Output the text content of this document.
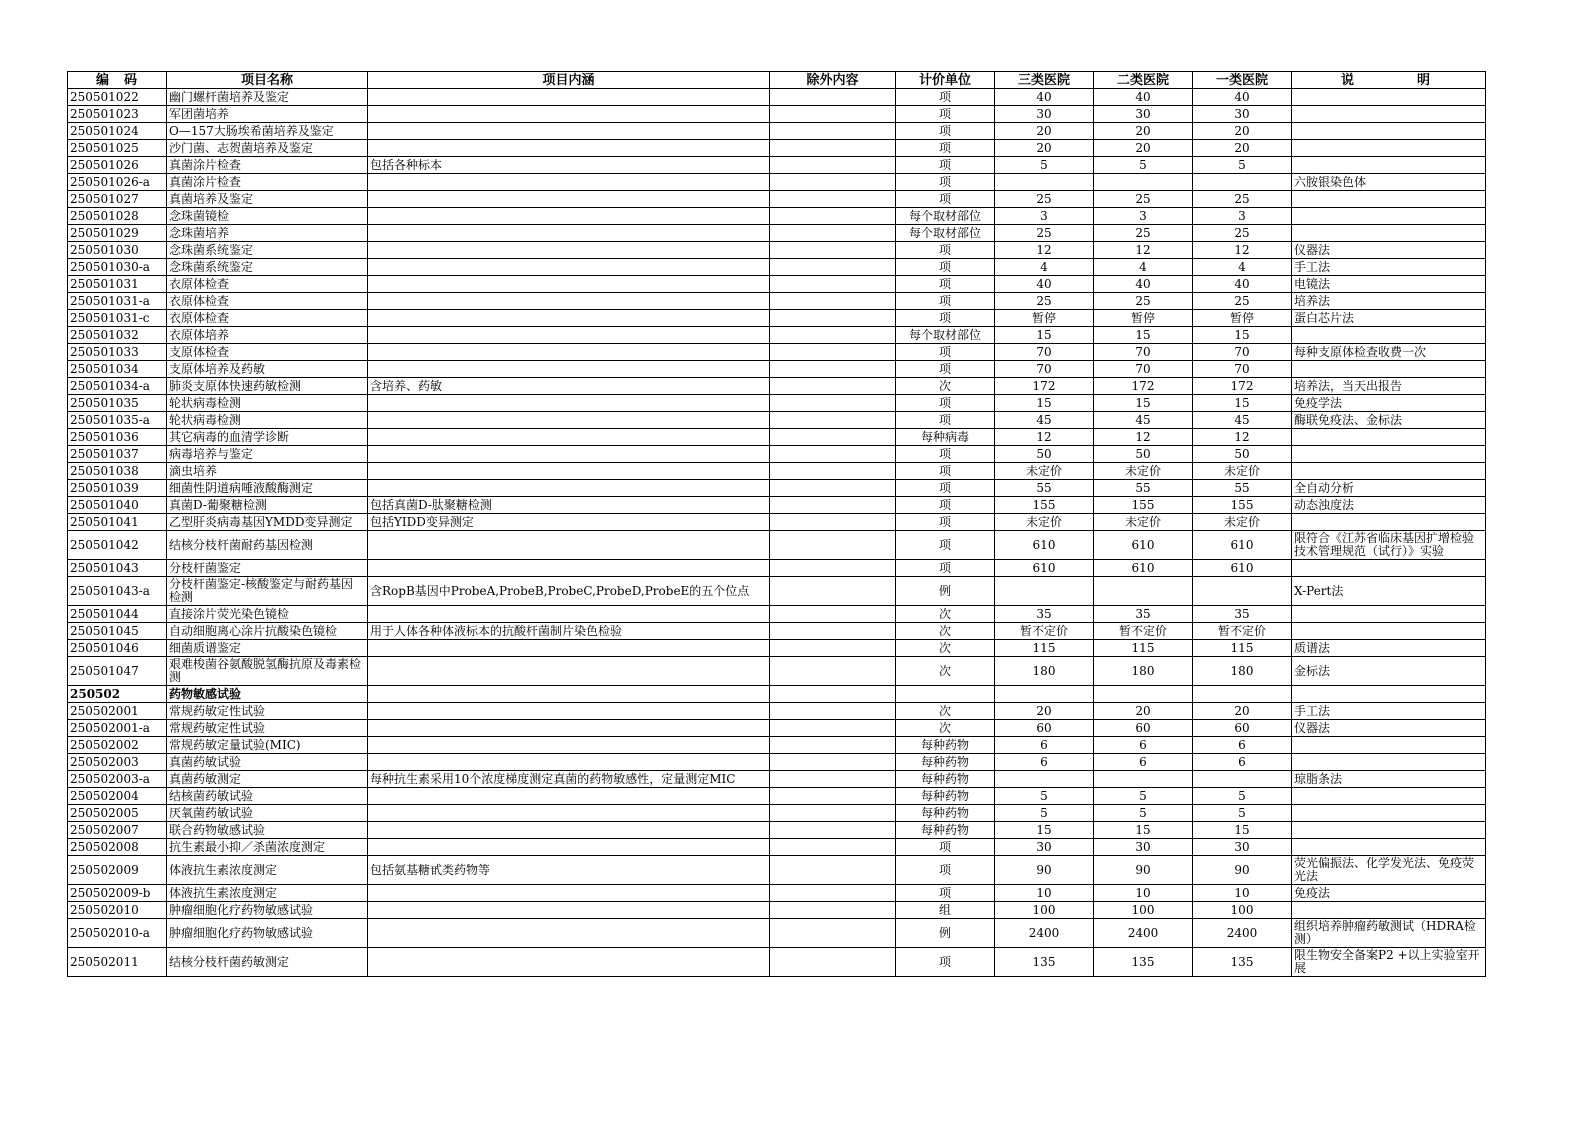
编　码	项目名称	项目内涵	除外内容	计价单位	三类医院	二类医院	一类医院	说　　　明
250501022	幽门螺杆菌培养及鉴定			项	40	40	40	
250501023	军团菌培养			项	30	30	30	
250501024	O—157大肠埃希菌培养及鉴定			项	20	20	20	
250501025	沙门菌、志贺菌培养及鉴定			项	20	20	20	
250501026	真菌涂片检查	包括各种标本		项	5	5	5	
250501026-a	真菌涂片检查			项				六胺银染色体
250501027	真菌培养及鉴定			项	25	25	25	
250501028	念珠菌镜检			每个取材部位	3	3	3	
250501029	念珠菌培养			每个取材部位	25	25	25	
250501030	念珠菌系统鉴定			项	12	12	12	仪器法
250501030-a	念珠菌系统鉴定			项	4	4	4	手工法
250501031	衣原体检查			项	40	40	40	电镜法
250501031-a	衣原体检查			项	25	25	25	培养法
250501031-c	衣原体检查			项	暂停	暂停	暂停	蛋白芯片法
250501032	衣原体培养			每个取材部位	15	15	15	
250501033	支原体检查			项	70	70	70	每种支原体检查收费一次
250501034	支原体培养及药敏			项	70	70	70	
250501034-a	肺炎支原体快速药敏检测	含培养、药敏		次	172	172	172	培养法，当天出报告
250501035	轮状病毒检测			项	15	15	15	免疫学法
250501035-a	轮状病毒检测			项	45	45	45	酶联免疫法、金标法
250501036	其它病毒的血清学诊断			每种病毒	12	12	12	
250501037	病毒培养与鉴定			项	50	50	50	
250501038	滴虫培养			项	未定价	未定价	未定价	
250501039	细菌性阴道病唾液酸酶测定			项	55	55	55	全自动分析
250501040	真菌D-葡聚糖检测	包括真菌D-肽聚糖检测		项	155	155	155	动态浊度法
250501041	乙型肝炎病毒基因YMDD变异测定	包括YIDD变异测定		项	未定价	未定价	未定价	
250501042	结核分枝杆菌耐药基因检测			项	610	610	610	限符合《江苏省临床基因扩增检验技术管理规范（试行）》实验
250501043	分枝杆菌鉴定			项	610	610	610	
250501043-a	分枝杆菌鉴定-核酸鉴定与耐药基因检测	含RopB基因中ProbeA,ProbeB,ProbeC,ProbeD,ProbeE的五个位点		例				X-Pert法
250501044	直接涂片荧光染色镜检			次	35	35	35	
250501045	自动细胞离心涂片抗酸染色镜检	用于人体各种体液标本的抗酸杆菌制片染色检验		次	暂不定价	暂不定价	暂不定价	
250501046	细菌质谱鉴定			次	115	115	115	质谱法
250501047	艰难梭菌谷氨酸脱氢酶抗原及毒素检测			次	180	180	180	金标法
250502	药物敏感试验							
250502001	常规药敏定性试验			次	20	20	20	手工法
250502001-a	常规药敏定性试验			次	60	60	60	仪器法
250502002	常规药敏定量试验(MIC)			每种药物	6	6	6	
250502003	真菌药敏试验			每种药物	6	6	6	
250502003-a	真菌药敏测定	每种抗生素采用10个浓度梯度测定真菌的药物敏感性，定量测定MIC		每种药物				琼脂条法
250502004	结核菌药敏试验			每种药物	5	5	5	
250502005	厌氧菌药敏试验			每种药物	5	5	5	
250502007	联合药物敏感试验			每种药物	15	15	15	
250502008	抗生素最小抑／杀菌浓度测定			项	30	30	30	
250502009	体液抗生素浓度测定	包括氨基糖甙类药物等		项	90	90	90	荧光偏振法、化学发光法、免疫荧光法
250502009-b	体液抗生素浓度测定			项	10	10	10	免疫法
250502010	肿瘤细胞化疗药物敏感试验			组	100	100	100	
250502010-a	肿瘤细胞化疗药物敏感试验			例	2400	2400	2400	组织培养肿瘤药敏测试（HDRA检测）
250502011	结核分枝杆菌药敏测定			项	135	135	135	限生物安全备案P2 +以上实验室开展
